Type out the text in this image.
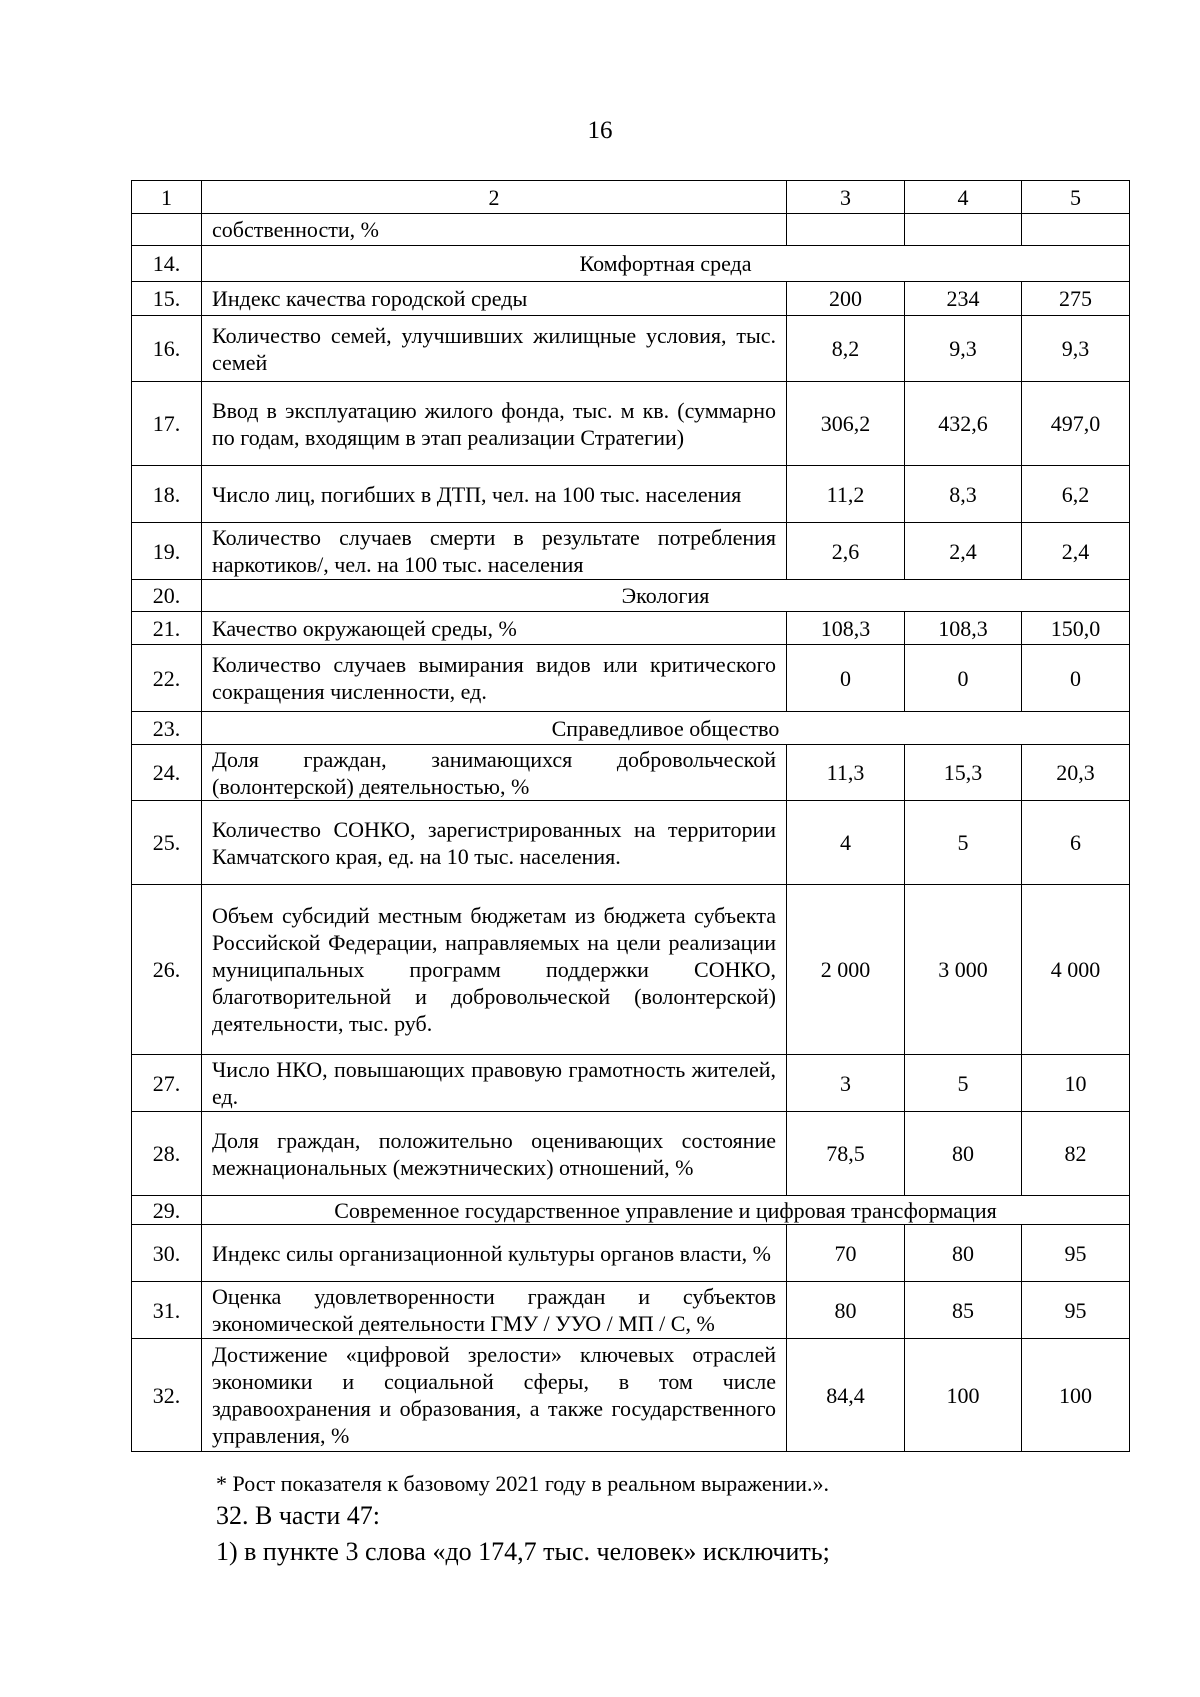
16
1	2	3	4	5
	собственности, %			
14.	Комфортная среда			
15.	Индекс качества городской среды	200	234	275
16.	Количество семей, улучшивших жилищные условия, тыс. семей	8,2	9,3	9,3
17.	Ввод в эксплуатацию жилого фонда, тыс. м кв. (суммарно по годам, входящим в этап реализации Стратегии)	306,2	432,6	497,0
18.	Число лиц, погибших в ДТП, чел. на 100 тыс. населения	11,2	8,3	6,2
19.	Количество случаев смерти в результате потребления наркотиков/, чел. на 100 тыс. населения	2,6	2,4	2,4
20.	Экология			
21.	Качество окружающей среды, %	108,3	108,3	150,0
22.	Количество случаев вымирания видов или критического сокращения численности, ед.	0	0	0
23.	Справедливое общество			
24.	Доля граждан, занимающихся добровольческой (волонтерской) деятельностью, %	11,3	15,3	20,3
25.	Количество СОНКО, зарегистрированных на территории Камчатского края, ед. на 10 тыс. населения.	4	5	6
26.	Объем субсидий местным бюджетам из бюджета субъекта Российской Федерации, направляемых на цели реализации муниципальных программ поддержки СОНКО, благотворительной и добровольческой (волонтерской) деятельности, тыс. руб.	2 000	3 000	4 000
27.	Число НКО, повышающих правовую грамотность жителей, ед.	3	5	10
28.	Доля граждан, положительно оценивающих состояние межнациональных (межэтнических) отношений, %	78,5	80	82
29.	Современное государственное управление и цифровая трансформация			
30.	Индекс силы организационной культуры органов власти, %	70	80	95
31.	Оценка удовлетворенности граждан и субъектов экономической деятельности ГМУ / УУО / МП / С, %	80	85	95
32.	Достижение «цифровой зрелости» ключевых отраслей экономики и социальной сферы, в том числе здравоохранения и образования, а также государственного управления, %	84,4	100	100
* Рост показателя к базовому 2021 году в реальном выражении.».
32. В части 47:
1) в пункте 3 слова «до 174,7 тыс. человек» исключить;
